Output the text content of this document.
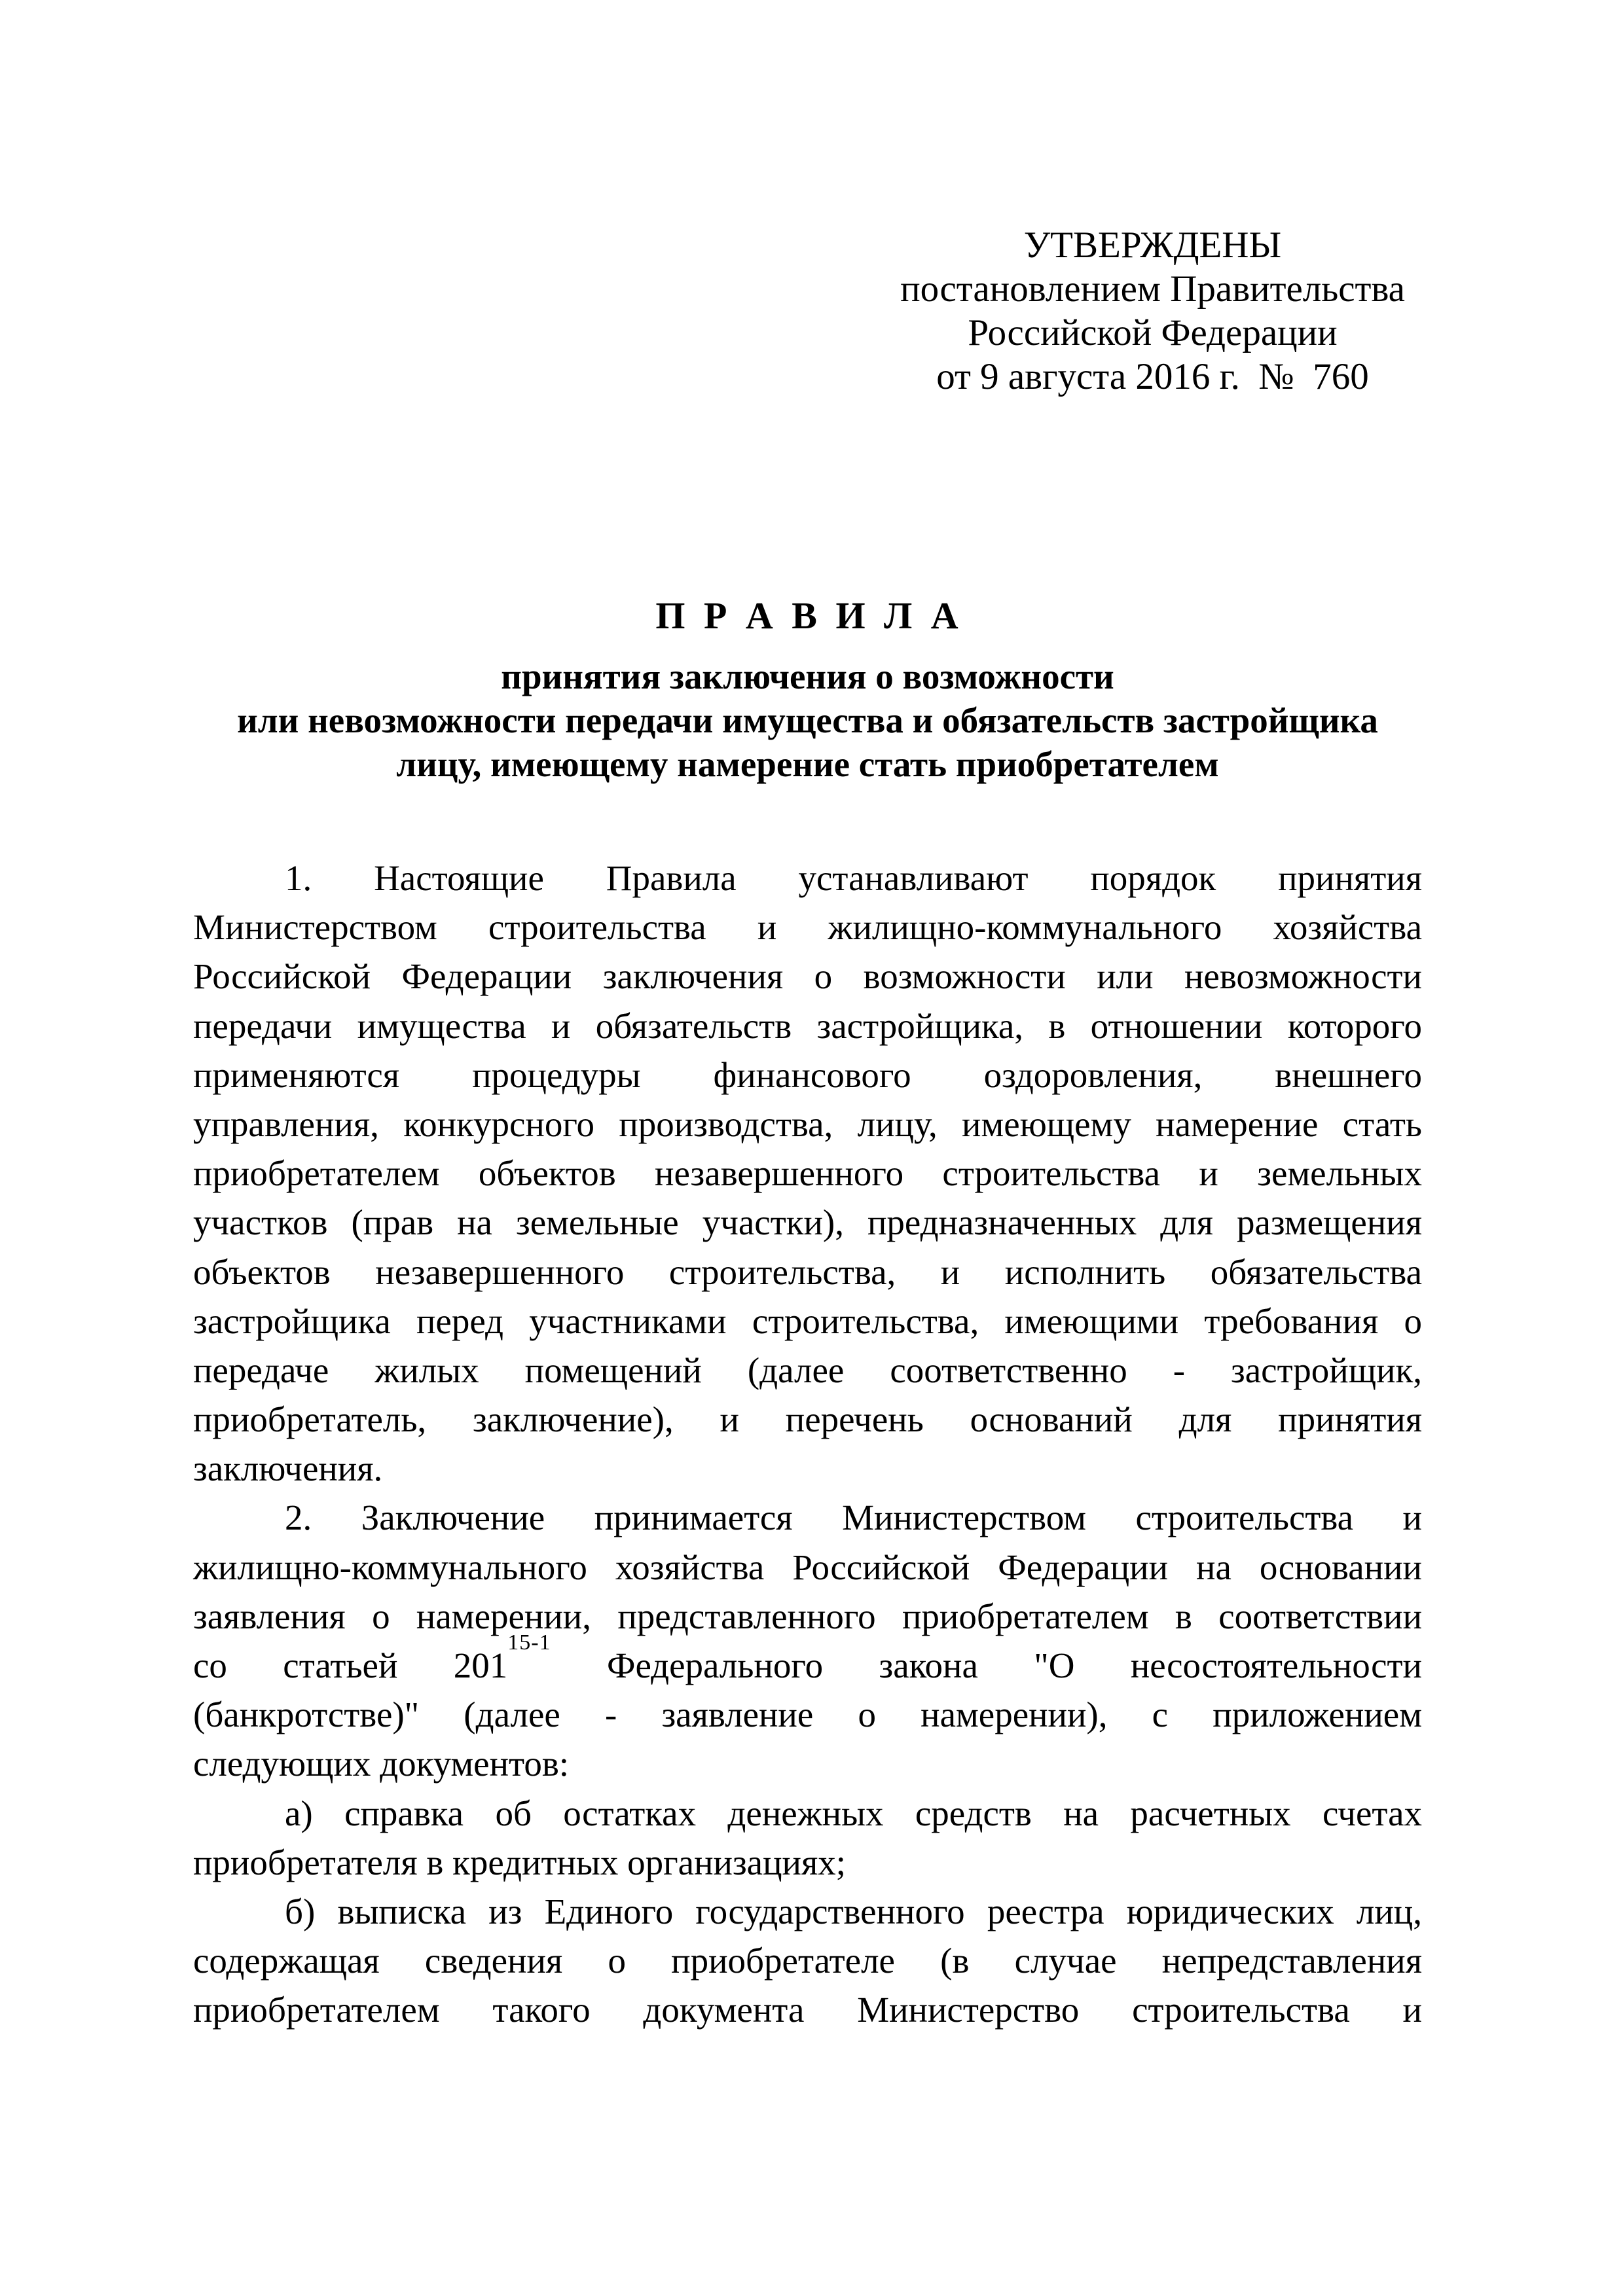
УТВЕРЖДЕНЫ
постановлением Правительства
Российской Федерации
от 9 августа 2016 г.  №  760
П Р А В И Л А
принятия заключения о возможности
или невозможности передачи имущества и обязательств застройщика
лицу, имеющему намерение стать приобретателем
1. Настоящие Правила устанавливают порядок принятия
Министерством строительства и жилищно-коммунального хозяйства
Российской Федерации заключения о возможности или невозможности
передачи имущества и обязательств застройщика, в отношении которого
применяются процедуры финансового оздоровления, внешнего
управления, конкурсного производства, лицу, имеющему намерение стать
приобретателем объектов незавершенного строительства и земельных
участков (прав на земельные участки), предназначенных для размещения
объектов незавершенного строительства, и исполнить обязательства
застройщика перед участниками строительства, имеющими требования о
передаче жилых помещений (далее соответственно - застройщик,
приобретатель, заключение), и перечень оснований для принятия
заключения.
2. Заключение принимается Министерством строительства и
жилищно-коммунального хозяйства Российской Федерации на основании
заявления о намерении, представленного приобретателем в соответствии
со статьей 201$^{15-1}$ Федерального закона "О несостоятельности
(банкротстве)" (далее - заявление о намерении), с приложением
следующих документов:
а) справка об остатках денежных средств на расчетных счетах
приобретателя в кредитных организациях;
б) выписка из Единого государственного реестра юридических лиц,
содержащая сведения о приобретателе (в случае непредставления
приобретателем такого документа Министерство строительства и
